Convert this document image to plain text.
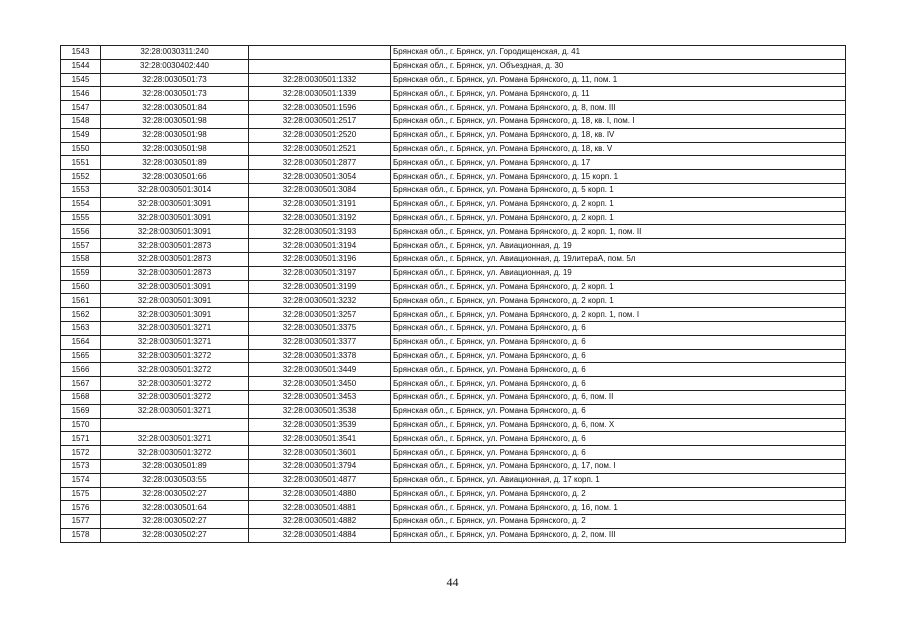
1543	32:28:0030311:240		Брянская обл., г. Брянск, ул. Городищенская, д. 41
1544	32:28:0030402:440		Брянская обл., г. Брянск, ул. Объездная, д. 30
1545	32:28:0030501:73	32:28:0030501:1332	Брянская обл., г. Брянск, ул. Романа Брянского, д. 11, пом. 1
1546	32:28:0030501:73	32:28:0030501:1339	Брянская обл., г. Брянск, ул. Романа Брянского, д. 11
1547	32:28:0030501:84	32:28:0030501:1596	Брянская обл., г. Брянск, ул. Романа Брянского, д. 8, пом. III
1548	32:28:0030501:98	32:28:0030501:2517	Брянская обл., г. Брянск, ул. Романа Брянского, д. 18, кв. I, пом. I
1549	32:28:0030501:98	32:28:0030501:2520	Брянская обл., г. Брянск, ул. Романа Брянского, д. 18, кв. IV
1550	32:28:0030501:98	32:28:0030501:2521	Брянская обл., г. Брянск, ул. Романа Брянского, д. 18, кв. V
1551	32:28:0030501:89	32:28:0030501:2877	Брянская обл., г. Брянск, ул. Романа Брянского, д. 17
1552	32:28:0030501:66	32:28:0030501:3054	Брянская обл., г. Брянск, ул. Романа Брянского, д. 15 корп. 1
1553	32:28:0030501:3014	32:28:0030501:3084	Брянская обл., г. Брянск, ул. Романа Брянского, д. 5 корп. 1
1554	32:28:0030501:3091	32:28:0030501:3191	Брянская обл., г. Брянск, ул. Романа Брянского, д. 2 корп. 1
1555	32:28:0030501:3091	32:28:0030501:3192	Брянская обл., г. Брянск, ул. Романа Брянского, д. 2 корп. 1
1556	32:28:0030501:3091	32:28:0030501:3193	Брянская обл., г. Брянск, ул. Романа Брянского, д. 2 корп. 1, пом. II
1557	32:28:0030501:2873	32:28:0030501:3194	Брянская обл., г. Брянск, ул. Авиационная, д. 19
1558	32:28:0030501:2873	32:28:0030501:3196	Брянская обл., г. Брянск, ул. Авиационная, д. 19литераА, пом. 5л
1559	32:28:0030501:2873	32:28:0030501:3197	Брянская обл., г. Брянск, ул. Авиационная, д. 19
1560	32:28:0030501:3091	32:28:0030501:3199	Брянская обл., г. Брянск, ул. Романа Брянского, д. 2 корп. 1
1561	32:28:0030501:3091	32:28:0030501:3232	Брянская обл., г. Брянск, ул. Романа Брянского, д. 2 корп. 1
1562	32:28:0030501:3091	32:28:0030501:3257	Брянская обл., г. Брянск, ул. Романа Брянского, д. 2 корп. 1, пом. I
1563	32:28:0030501:3271	32:28:0030501:3375	Брянская обл., г. Брянск, ул. Романа Брянского, д. 6
1564	32:28:0030501:3271	32:28:0030501:3377	Брянская обл., г. Брянск, ул. Романа Брянского, д. 6
1565	32:28:0030501:3272	32:28:0030501:3378	Брянская обл., г. Брянск, ул. Романа Брянского, д. 6
1566	32:28:0030501:3272	32:28:0030501:3449	Брянская обл., г. Брянск, ул. Романа Брянского, д. 6
1567	32:28:0030501:3272	32:28:0030501:3450	Брянская обл., г. Брянск, ул. Романа Брянского, д. 6
1568	32:28:0030501:3272	32:28:0030501:3453	Брянская обл., г. Брянск, ул. Романа Брянского, д. 6, пом. II
1569	32:28:0030501:3271	32:28:0030501:3538	Брянская обл., г. Брянск, ул. Романа Брянского, д. 6
1570		32:28:0030501:3539	Брянская обл., г. Брянск, ул. Романа Брянского, д. 6, пом. X
1571	32:28:0030501:3271	32:28:0030501:3541	Брянская обл., г. Брянск, ул. Романа Брянского, д. 6
1572	32:28:0030501:3272	32:28:0030501:3601	Брянская обл., г. Брянск, ул. Романа Брянского, д. 6
1573	32:28:0030501:89	32:28:0030501:3794	Брянская обл., г. Брянск, ул. Романа Брянского, д. 17, пом. I
1574	32:28:0030503:55	32:28:0030501:4877	Брянская обл., г. Брянск, ул. Авиационная, д. 17 корп. 1
1575	32:28:0030502:27	32:28:0030501:4880	Брянская обл., г. Брянск, ул. Романа Брянского, д. 2
1576	32:28:0030501:64	32:28:0030501:4881	Брянская обл., г. Брянск, ул. Романа Брянского, д. 16, пом. 1
1577	32:28:0030502:27	32:28:0030501:4882	Брянская обл., г. Брянск, ул. Романа Брянского, д. 2
1578	32:28:0030502:27	32:28:0030501:4884	Брянская обл., г. Брянск, ул. Романа Брянского, д. 2, пом. III
44
